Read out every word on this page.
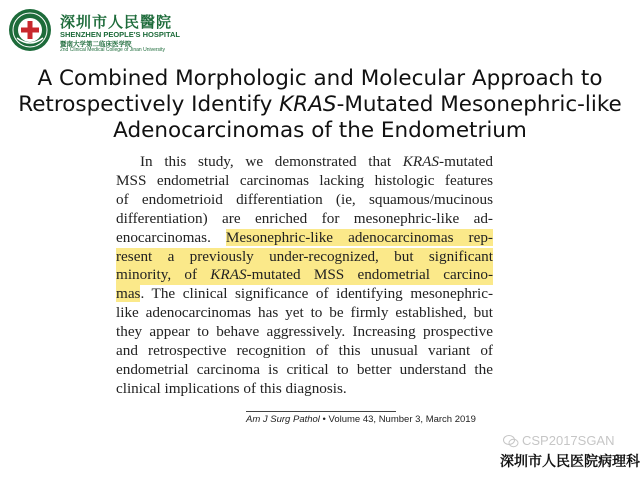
深圳市人民醫院
SHENZHEN PEOPLE'S HOSPITAL
暨南大学第二临床医学院
2nd Clinical Medical College of Jinan University
A Combined Morphologic and Molecular Approach to
Retrospectively Identify KRAS-Mutated Mesonephric-like
Adenocarcinomas of the Endometrium
In this study, we demonstrated that KRAS-mutated
MSS endometrial carcinomas lacking histologic features
of endometrioid differentiation (ie, squamous/mucinous
differentiation) are enriched for mesonephric-like ad-
enocarcinomas. Mesonephric-like adenocarcinomas rep-
resent a previously under-recognized, but significant
minority, of KRAS-mutated MSS endometrial carcino-
mas. The clinical significance of identifying mesonephric-
like adenocarcinomas has yet to be firmly established, but
they appear to behave aggressively. Increasing prospective
and retrospective recognition of this unusual variant of
endometrial carcinoma is critical to better understand the
clinical implications of this diagnosis.
Am J Surg Pathol • Volume 43, Number 3, March 2019
CSP2017SGAN
深圳市人民医院病理科
